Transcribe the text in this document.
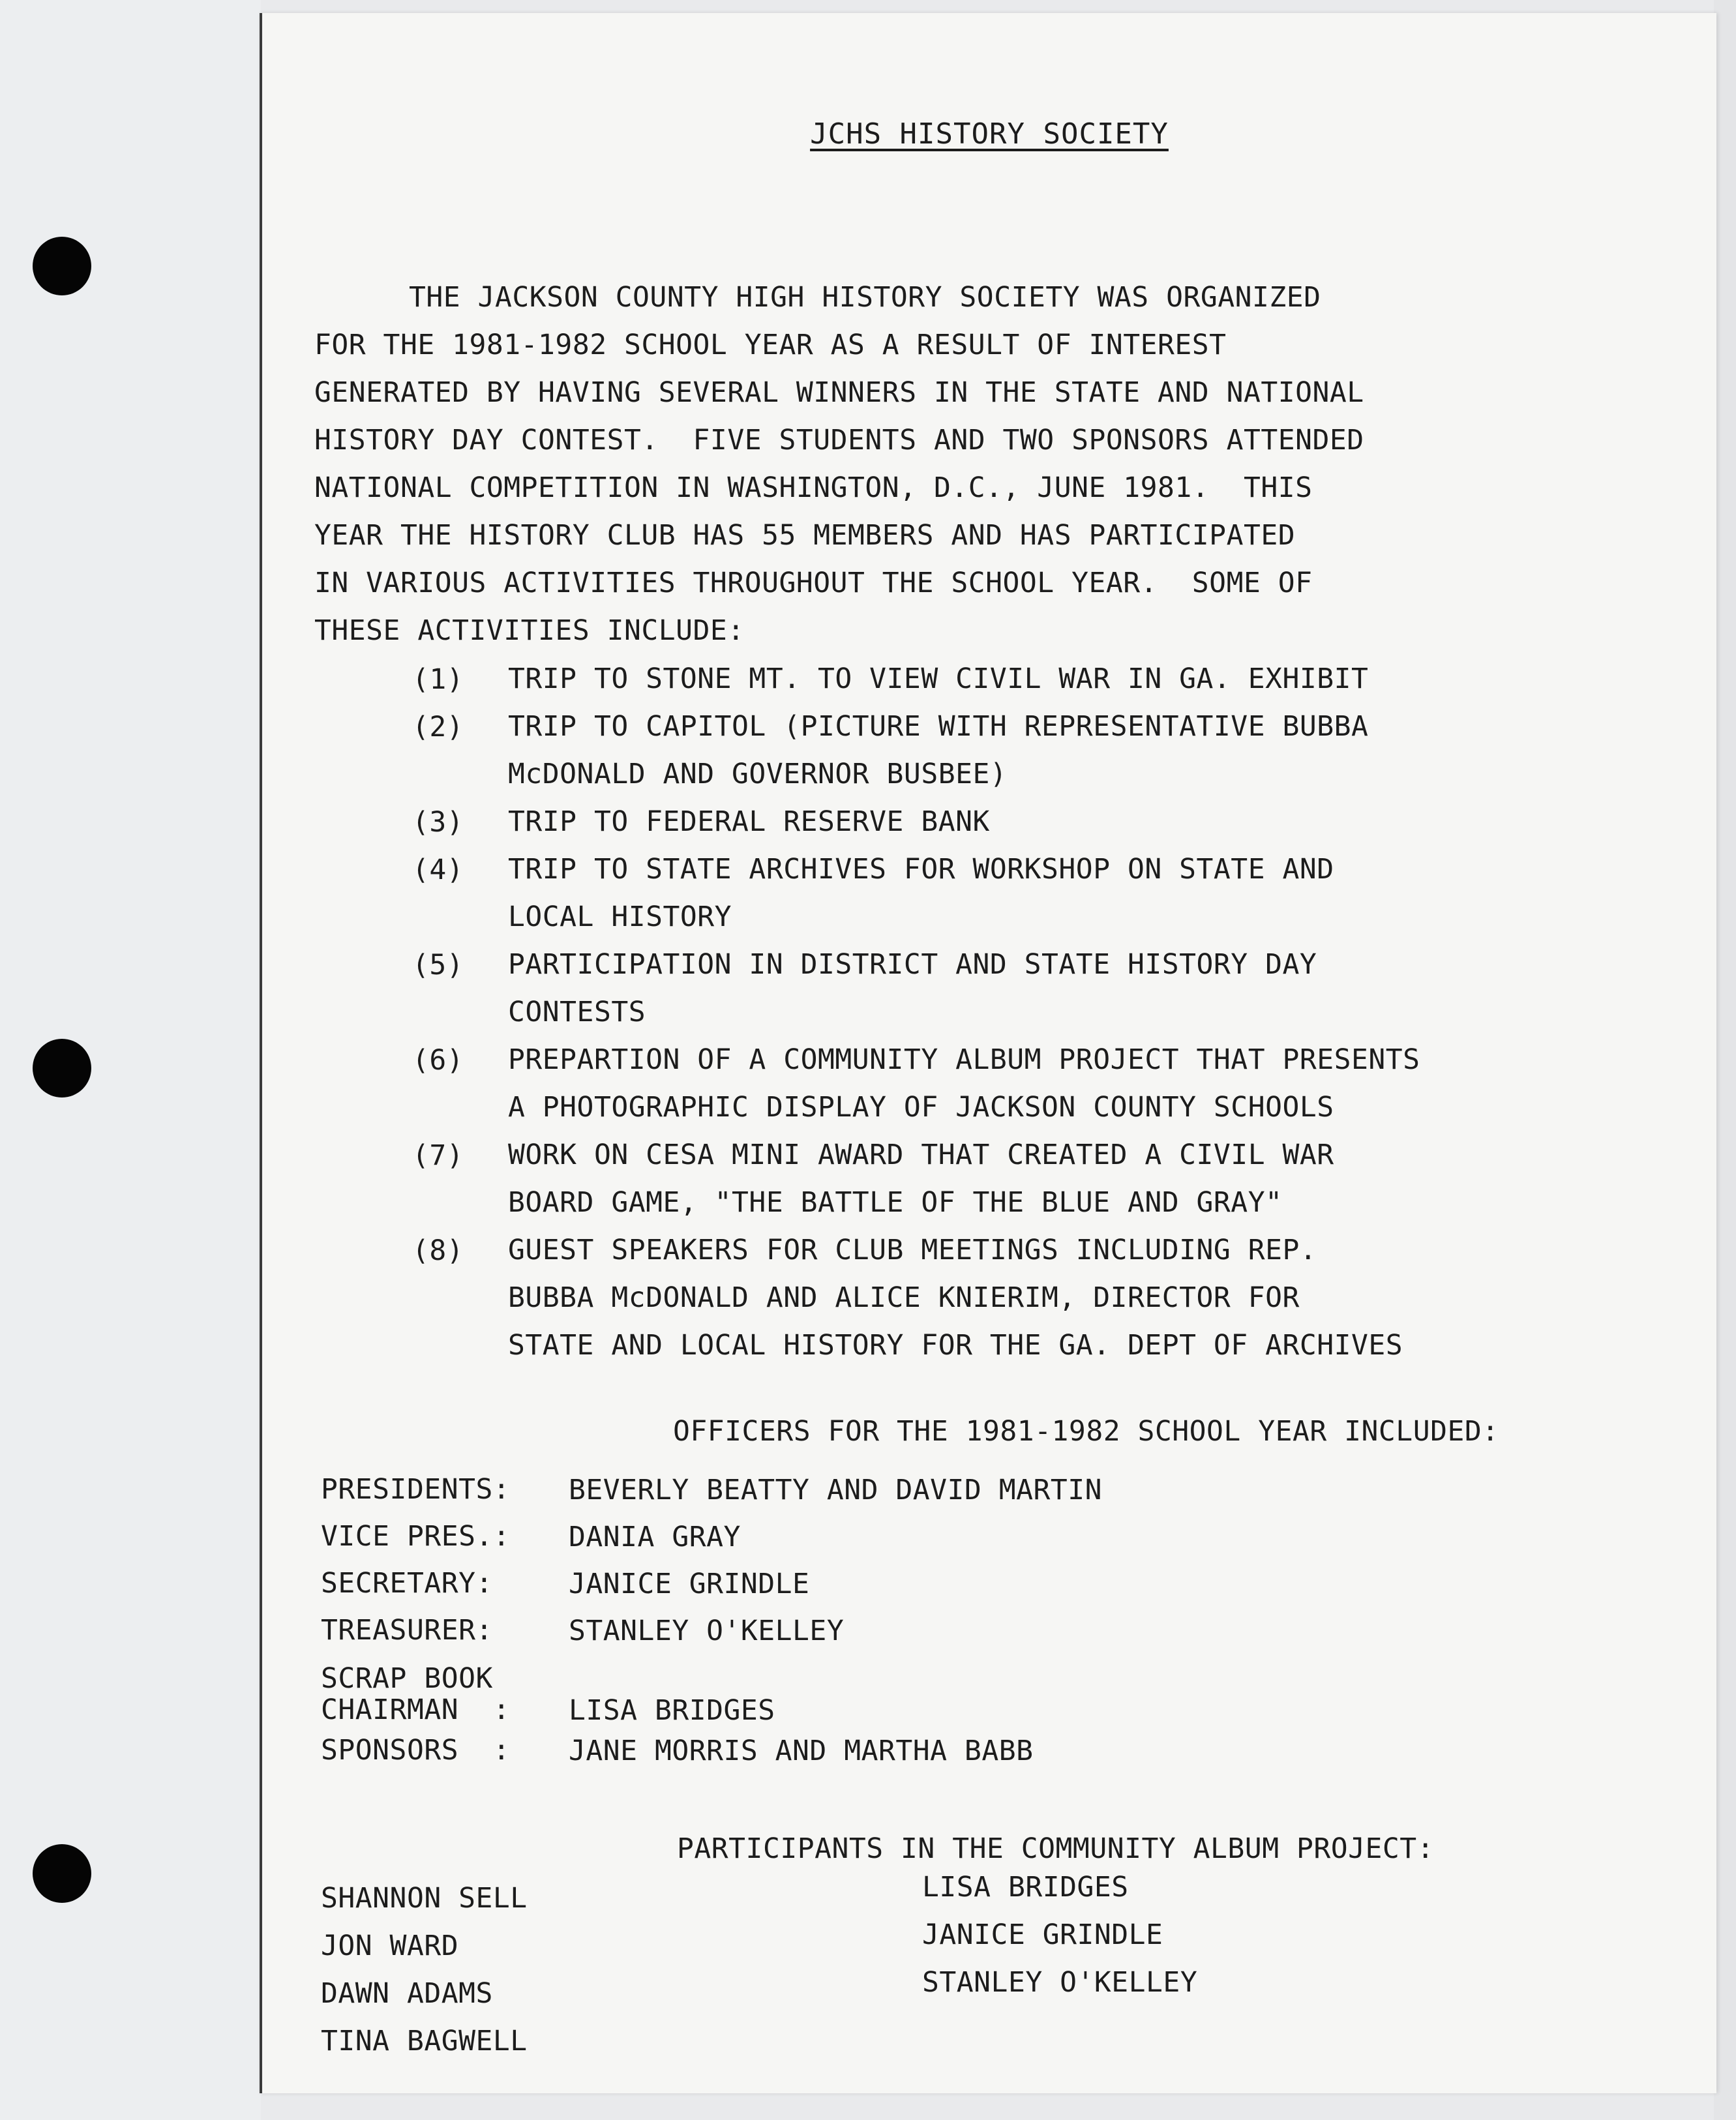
JCHS HISTORY SOCIETY
THE JACKSON COUNTY HIGH HISTORY SOCIETY WAS ORGANIZED
FOR THE 1981-1982 SCHOOL YEAR AS A RESULT OF INTEREST
GENERATED BY HAVING SEVERAL WINNERS IN THE STATE AND NATIONAL
HISTORY DAY CONTEST.  FIVE STUDENTS AND TWO SPONSORS ATTENDED
NATIONAL COMPETITION IN WASHINGTON, D.C., JUNE 1981.  THIS
YEAR THE HISTORY CLUB HAS 55 MEMBERS AND HAS PARTICIPATED
IN VARIOUS ACTIVITIES THROUGHOUT THE SCHOOL YEAR.  SOME OF
THESE ACTIVITIES INCLUDE:
(1)	TRIP TO STONE MT. TO VIEW CIVIL WAR IN GA. EXHIBIT
(2)	TRIP TO CAPITOL (PICTURE WITH REPRESENTATIVE BUBBA
McDONALD AND GOVERNOR BUSBEE)
(3)	TRIP TO FEDERAL RESERVE BANK
(4)	TRIP TO STATE ARCHIVES FOR WORKSHOP ON STATE AND
LOCAL HISTORY
(5)	PARTICIPATION IN DISTRICT AND STATE HISTORY DAY
CONTESTS
(6)	PREPARTION OF A COMMUNITY ALBUM PROJECT THAT PRESENTS
A PHOTOGRAPHIC DISPLAY OF JACKSON COUNTY SCHOOLS
(7)	WORK ON CESA MINI AWARD THAT CREATED A CIVIL WAR
BOARD GAME, "THE BATTLE OF THE BLUE AND GRAY"
(8)	GUEST SPEAKERS FOR CLUB MEETINGS INCLUDING REP.
BUBBA McDONALD AND ALICE KNIERIM, DIRECTOR FOR
STATE AND LOCAL HISTORY FOR THE GA. DEPT OF ARCHIVES
OFFICERS FOR THE 1981-1982 SCHOOL YEAR INCLUDED:
PRESIDENTS:	BEVERLY BEATTY AND DAVID MARTIN
VICE PRES.:	DANIA GRAY
SECRETARY:	JANICE GRINDLE
TREASURER:	STANLEY O'KELLEY
SCRAP BOOK
CHAIRMAN  :	LISA BRIDGES
SPONSORS  :	JANE MORRIS AND MARTHA BABB
PARTICIPANTS IN THE COMMUNITY ALBUM PROJECT:
SHANNON SELL
JON WARD
DAWN ADAMS
TINA BAGWELL
LISA BRIDGES
JANICE GRINDLE
STANLEY O'KELLEY
